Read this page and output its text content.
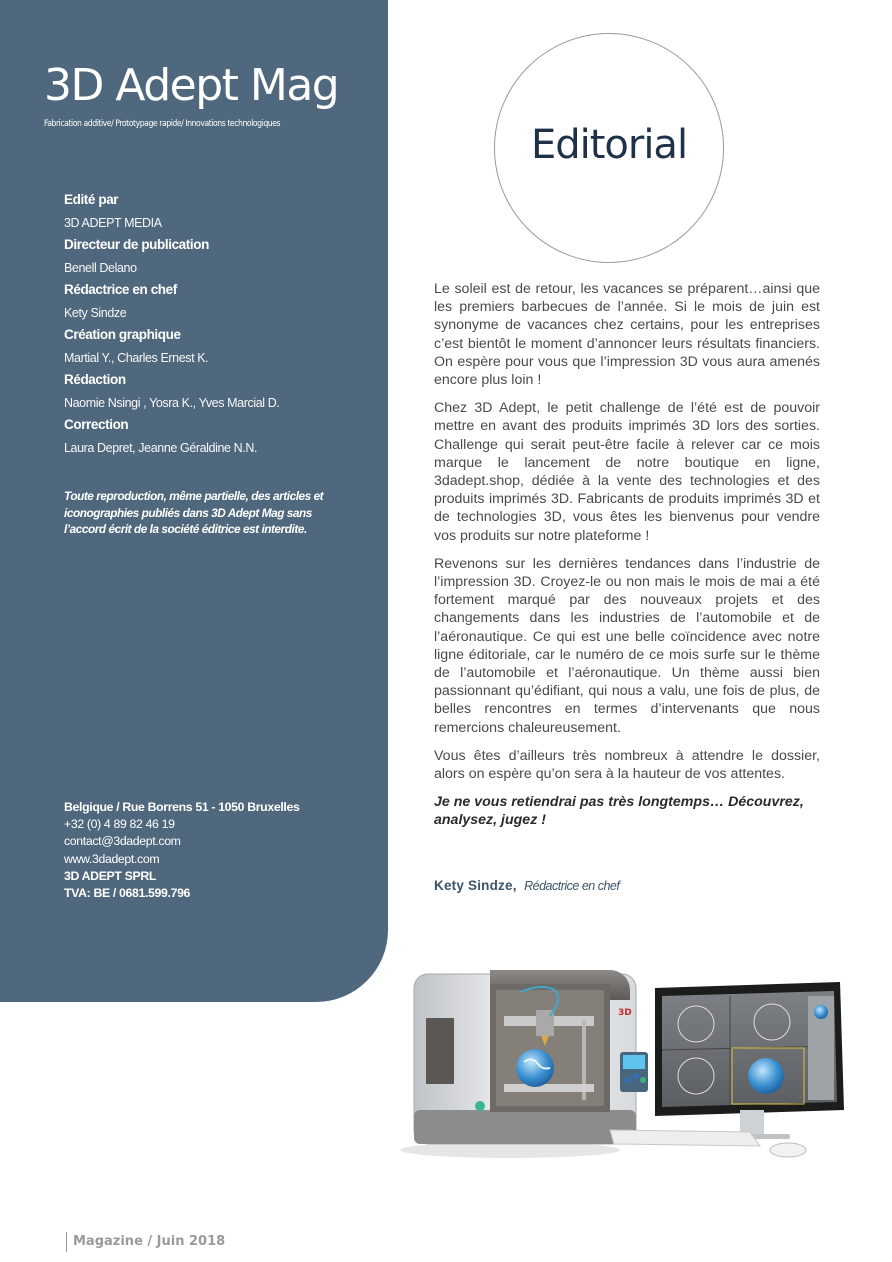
3D Adept Mag
Fabrication additive/ Prototypage rapide/ Innovations technologiques
Edité par
3D ADEPT MEDIA
Directeur de publication
Benell Delano
Rédactrice en chef
Kety Sindze
Création graphique
Martial Y., Charles Ernest K.
Rédaction
Naomie Nsingi , Yosra K., Yves Marcial D.
Correction
Laura Depret, Jeanne Géraldine N.N.
Toute reproduction, même partielle, des articles et iconographies publiés dans 3D Adept Mag sans l’accord écrit de la société éditrice est interdite.
Belgique / Rue Borrens 51 - 1050 Bruxelles
+32 (0) 4 89 82 46 19
contact@3dadept.com
www.3dadept.com
3D ADEPT SPRL
TVA: BE / 0681.599.796
Editorial

Le soleil est de retour, les vacances se préparent…ainsi que les premiers barbecues de l’année. Si le mois de juin est synonyme de vacances chez certains, pour les entreprises c’est bientôt le moment d’annoncer leurs résultats financiers. On espère pour vous que l’impression 3D vous aura amenés encore plus loin !

Chez 3D Adept, le petit challenge de l’été est de pouvoir mettre en avant des produits imprimés 3D lors des sorties. Challenge qui serait peut-être facile à relever car ce mois marque le lancement de notre boutique en ligne, 3dadept.shop, dédiée à la vente des technologies et des produits imprimés 3D. Fabricants de produits imprimés 3D et de technologies 3D, vous êtes les bienvenus pour vendre vos produits sur notre plateforme !

Revenons sur les dernières tendances dans l’industrie de l’impression 3D. Croyez-le ou non mais le mois de mai a été fortement marqué par des nouveaux projets et des changements dans les industries de l’automobile et de l’aéronautique. Ce qui est une belle coïncidence avec notre ligne éditoriale, car le numéro de ce mois surfe sur le thème de l’automobile et l’aéronautique. Un thème aussi bien passionnant qu’édifiant, qui nous a valu, une fois de plus, de belles rencontres en termes d’intervenants que nous remercions chaleureusement.

Vous êtes d’ailleurs très nombreux à attendre le dossier, alors on espère qu’on sera à la hauteur de vos attentes.

Je ne vous retiendrai pas très longtemps… Découvrez, analysez, jugez !

Kety Sindze, Rédactrice en chef
3D
Magazine / Juin 2018
